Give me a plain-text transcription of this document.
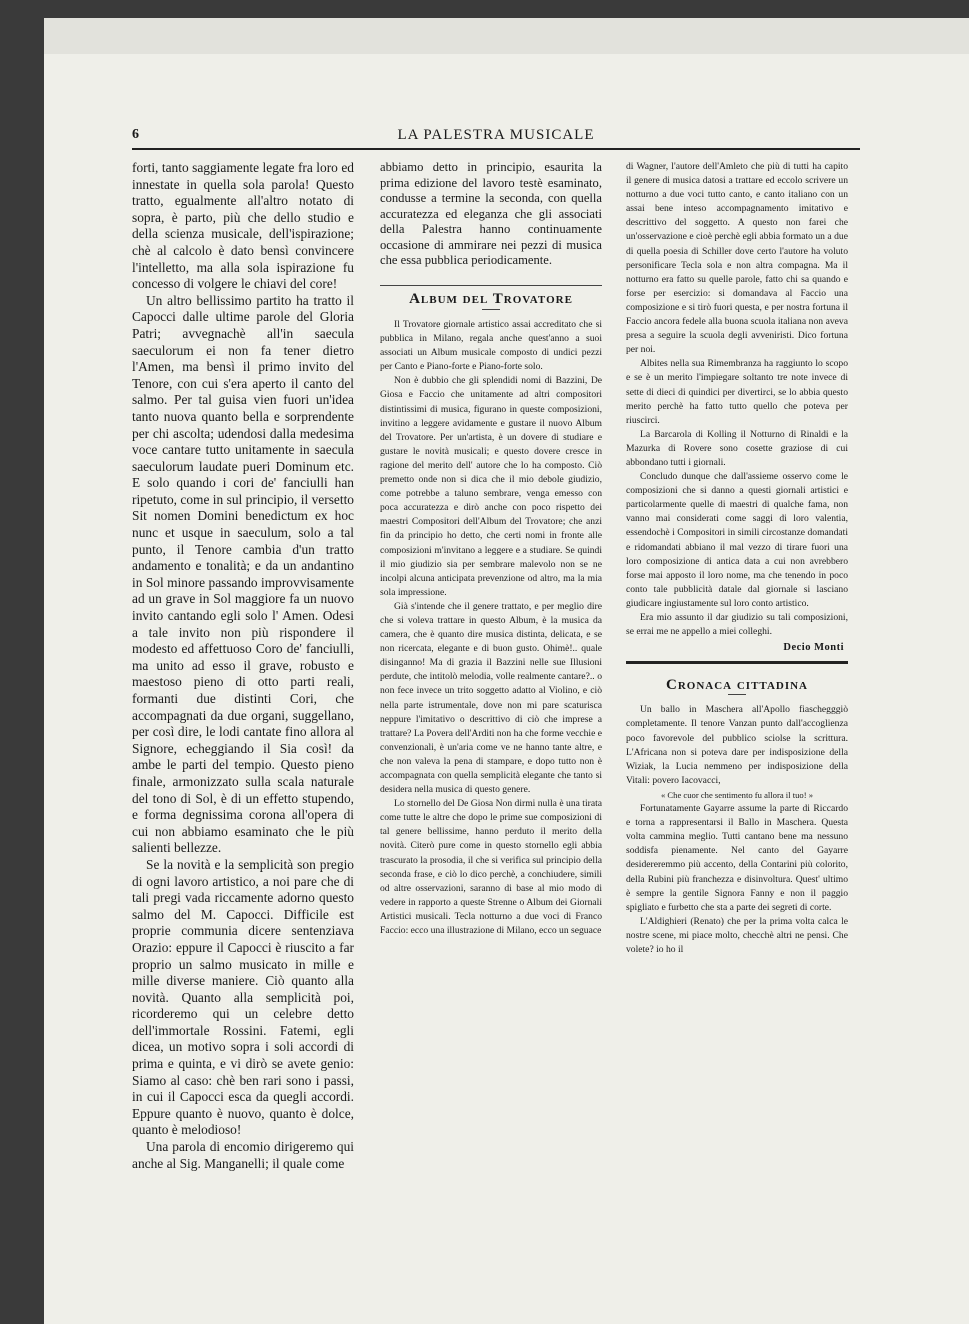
6	LA PALESTRA MUSICALE

forti, tanto saggiamente legate fra loro ed innestate in quella sola parola! Questo tratto, egualmente all'altro notato di sopra, è parto, più che dello studio e della scienza musicale, dell'ispirazione; chè al calcolo è dato bensì convincere l'intelletto, ma alla sola ispirazione fu concesso di volgere le chiavi del core!

Un altro bellissimo partito ha tratto il Capocci dalle ultime parole del Gloria Patri; avvegnachè all'in saecula saeculorum ei non fa tener dietro l'Amen, ma bensì il primo invito del Tenore, con cui s'era aperto il canto del salmo. Per tal guisa vien fuori un'idea tanto nuova quanto bella e sorprendente per chi ascolta; udendosi dalla medesima voce cantare tutto unitamente in saecula saeculorum laudate pueri Dominum etc. E solo quando i cori de' fanciulli han ripetuto, come in sul principio, il versetto Sit nomen Domini benedictum ex hoc nunc et usque in saeculum, solo a tal punto, il Tenore cambia d'un tratto andamento e tonalità; e da un andantino in Sol minore passando improvvisamente ad un grave in Sol maggiore fa un nuovo invito cantando egli solo l' Amen. Odesi a tale invito non più rispondere il modesto ed affettuoso Coro de' fanciulli, ma unito ad esso il grave, robusto e maestoso pieno di otto parti reali, formanti due distinti Cori, che accompagnati da due organi, suggellano, per così dire, le lodi cantate fino allora al Signore, echeggiando il Sia così! da ambe le parti del tempio. Questo pieno finale, armonizzato sulla scala naturale del tono di Sol, è di un effetto stupendo, e forma degnissima corona all'opera di cui non abbiamo esaminato che le più salienti bellezze.

Se la novità e la semplicità son pregio di ogni lavoro artistico, a noi pare che di tali pregi vada riccamente adorno questo salmo del M. Capocci. Difficile est proprie communia dicere sentenziava Orazio: eppure il Capocci è riuscito a far proprio un salmo musicato in mille e mille diverse maniere. Ciò quanto alla novità. Quanto alla semplicità poi, ricorderemo qui un celebre detto dell'immortale Rossini. Fatemi, egli dicea, un motivo sopra i soli accordi di prima e quinta, e vi dirò se avete genio: Siamo al caso: chè ben rari sono i passi, in cui il Capocci esca da quegli accordi. Eppure quanto è nuovo, quanto è dolce, quanto è melodioso!

Una parola di encomio dirigeremo qui anche al Sig. Manganelli; il quale come

abbiamo detto in principio, esaurita la prima edizione del lavoro testè esaminato, condusse a termine la seconda, con quella accuratezza ed eleganza che gli associati della Palestra hanno continuamente occasione di ammirare nei pezzi di musica che essa pubblica periodicamente.

Album del Trovatore

Il Trovatore giornale artistico assai accreditato che si pubblica in Milano, regala anche quest'anno a suoi associati un Album musicale composto di undici pezzi per Canto e Piano-forte e Piano-forte solo.

Non è dubbio che gli splendidi nomi di Bazzini, De Giosa e Faccio che unitamente ad altri compositori distintissimi di musica, figurano in queste composizioni, invitino a leggere avidamente e gustare il nuovo Album del Trovatore. Per un'artista, è un dovere di studiare e gustare le novità musicali; e questo dovere cresce in ragione del merito dell' autore che lo ha composto. Ciò premetto onde non si dica che il mio debole giudizio, come potrebbe a taluno sembrare, venga emesso con poca accuratezza e dirò anche con poco rispetto dei maestri Compositori dell'Album del Trovatore; che anzi fin da principio ho detto, che certi nomi in fronte alle composizioni m'invitano a leggere e a studiare. Se quindi il mio giudizio sia per sembrare malevolo non se ne incolpi alcuna anticipata prevenzione od altro, ma la mia sola impressione.

Già s'intende che il genere trattato, e per meglio dire che si voleva trattare in questo Album, è la musica da camera, che è quanto dire musica distinta, delicata, e se non ricercata, elegante e di buon gusto. Ohimè!.. quale disinganno! Ma di grazia il Bazzini nelle sue Illusioni perdute, che intitolò melodia, volle realmente cantare?.. o non fece invece un trito soggetto adatto al Violino, e ciò nella parte istrumentale, dove non mi pare scaturisca neppure l'imitativo o descrittivo di ciò che imprese a trattare? La Povera dell'Arditi non ha che forme vecchie e convenzionali, è un'aria come ve ne hanno tante altre, e che non valeva la pena di stampare, e dopo tutto non è accompagnata con quella semplicità elegante che tanto si desidera nella musica di questo genere.

Lo stornello del De Giosa Non dirmi nulla è una tirata come tutte le altre che dopo le prime sue composizioni di tal genere bellissime, hanno perduto il merito della novità. Citerò pure come in questo stornello egli abbia trascurato la prosodia, il che si verifica sul principio della seconda frase, e ciò lo dico perchè, a conchiudere, simili od altre osservazioni, saranno di base al mio modo di vedere in rapporto a queste Strenne o Album dei Giornali Artistici musicali. Tecla notturno a due voci di Franco Faccio: ecco una illustrazione di Milano, ecco un seguace

di Wagner, l'autore dell'Amleto che più di tutti ha capito il genere di musica datosi a trattare ed eccolo scrivere un notturno a due voci tutto canto, e canto italiano con un assai bene inteso accompagnamento imitativo e descrittivo del soggetto. A questo non farei che un'osservazione e cioè perchè egli abbia formato un a due di quella poesia di Schiller dove certo l'autore ha voluto personificare Tecla sola e non altra compagna. Ma il notturno era fatto su quelle parole, fatto chi sa quando e forse per esercizio: si domandava al Faccio una composizione e si tirò fuori questa, e per nostra fortuna il Faccio ancora fedele alla buona scuola italiana non aveva presa a seguire la scuola degli avveniristi. Dico fortuna per noi.

Albites nella sua Rimembranza ha raggiunto lo scopo e se è un merito l'impiegare soltanto tre note invece di sette di dieci di quindici per divertirci, se lo abbia questo merito perchè ha fatto tutto quello che poteva per riuscirci.

La Barcarola di Kolling il Notturno di Rinaldi e la Mazurka di Rovere sono cosette graziose di cui abbondano tutti i giornali.

Concludo dunque che dall'assieme osservo come le composizioni che si danno a questi giornali artistici e particolarmente quelle di maestri di qualche fama, non vanno mai considerati come saggi di loro valentia, essendochè i Compositori in simili circostanze domandati e ridomandati abbiano il mal vezzo di tirare fuori una loro composizione di antica data a cui non avrebbero forse mai apposto il loro nome, ma che tenendo in poco conto tale pubblicità datale dal giornale si lasciano giudicare ingiustamente sul loro conto artistico.

Era mio assunto il dar giudizio su tali composizioni, se errai me ne appello a miei colleghi.

Decio Monti
Cronaca cittadina

Un ballo in Maschera all'Apollo fiaschegggiò completamente. Il tenore Vanzan punto dall'accoglienza poco favorevole del pubblico sciolse la scrittura. L'Africana non si poteva dare per indisposizione della Wiziak, la Lucia nemmeno per indisposizione della Vitali: povero Iacovacci,

« Che cuor che sentimento fu allora il tuo! »

Fortunatamente Gayarre assume la parte di Riccardo e torna a rappresentarsi il Ballo in Maschera. Questa volta cammina meglio. Tutti cantano bene ma nessuno soddisfa pienamente. Nel canto del Gayarre desidereremmo più accento, della Contarini più colorito, della Rubini più franchezza e disinvoltura. Quest' ultimo è sempre la gentile Signora Fanny e non il paggio spigliato e furbetto che sta a parte dei segreti di corte.

L'Aldighieri (Renato) che per la prima volta calca le nostre scene, mi piace molto, checchè altri ne pensi. Che volete? io ho il
